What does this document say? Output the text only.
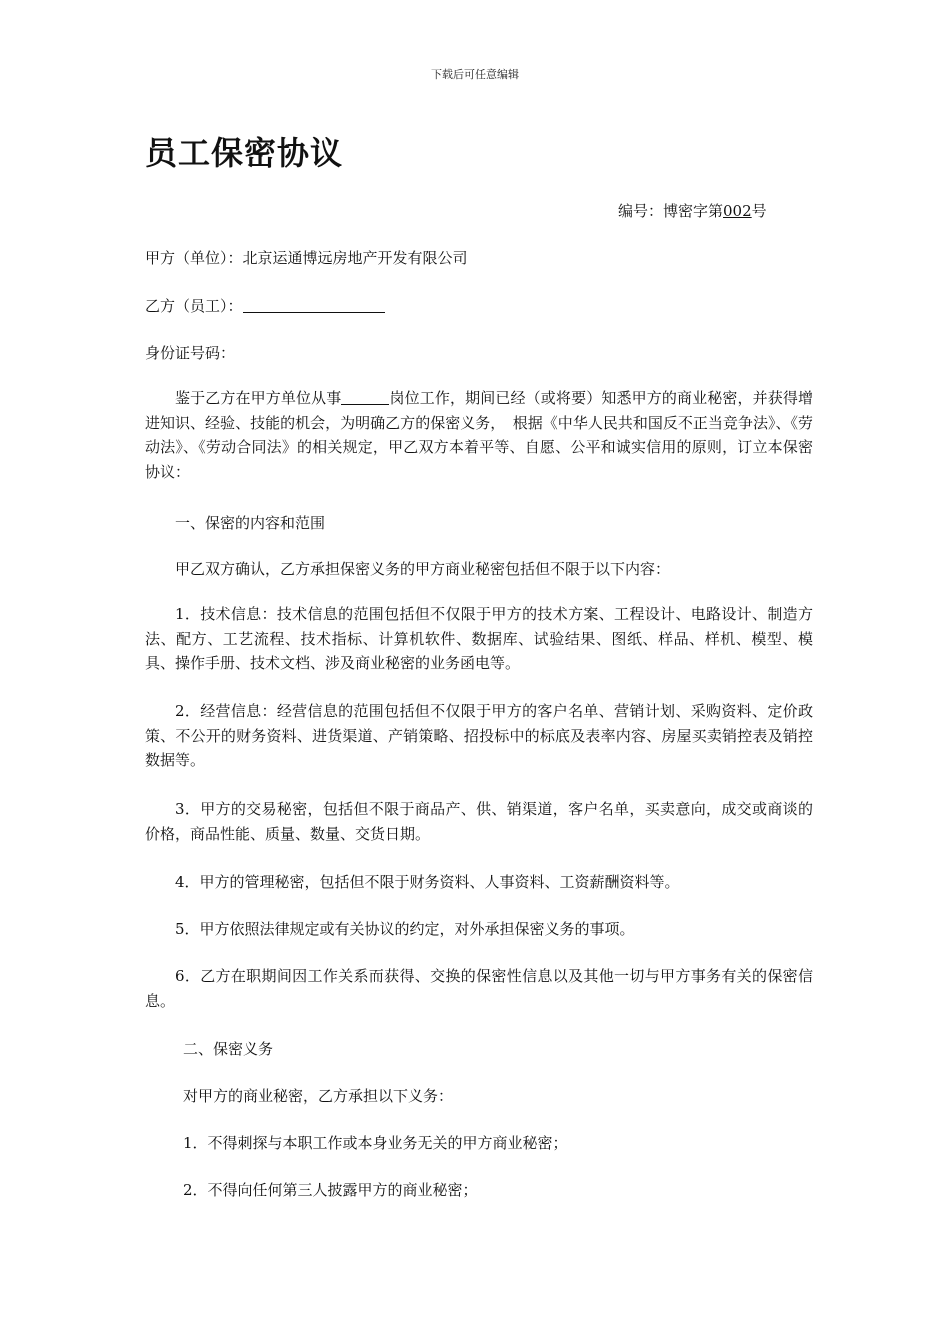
下载后可任意编辑
员工保密协议
编号：博密字第002号
甲方（单位）：北京运通博远房地产开发有限公司
乙方（员工）：
身份证号码：
鉴于乙方在甲方单位从事	岗位工作，期间已经（或将要）知悉甲方的商业秘密，并获得增进知识、经验、技能的机会，为明确乙方的保密义务，　根据《中华人民共和国反不正当竞争法》、《劳动法》、《劳动合同法》的相关规定，甲乙双方本着平等、自愿、公平和诚实信用的原则，订立本保密协议：
一、保密的内容和范围
甲乙双方确认，乙方承担保密义务的甲方商业秘密包括但不限于以下内容：
1．技术信息：技术信息的范围包括但不仅限于甲方的技术方案、工程设计、电路设计、制造方法、配方、工艺流程、技术指标、计算机软件、数据库、试验结果、图纸、样品、样机、模型、模具、操作手册、技术文档、涉及商业秘密的业务函电等。
2．经营信息：经营信息的范围包括但不仅限于甲方的客户名单、营销计划、采购资料、定价政策、不公开的财务资料、进货渠道、产销策略、招投标中的标底及表率内容、房屋买卖销控表及销控数据等。
3．甲方的交易秘密，包括但不限于商品产、供、销渠道，客户名单，买卖意向，成交或商谈的价格，商品性能、质量、数量、交货日期。
4．甲方的管理秘密，包括但不限于财务资料、人事资料、工资薪酬资料等。
5．甲方依照法律规定或有关协议的约定，对外承担保密义务的事项。
6．乙方在职期间因工作关系而获得、交换的保密性信息以及其他一切与甲方事务有关的保密信息。
二、保密义务
对甲方的商业秘密，乙方承担以下义务：
1．不得刺探与本职工作或本身业务无关的甲方商业秘密；
2．不得向任何第三人披露甲方的商业秘密；
